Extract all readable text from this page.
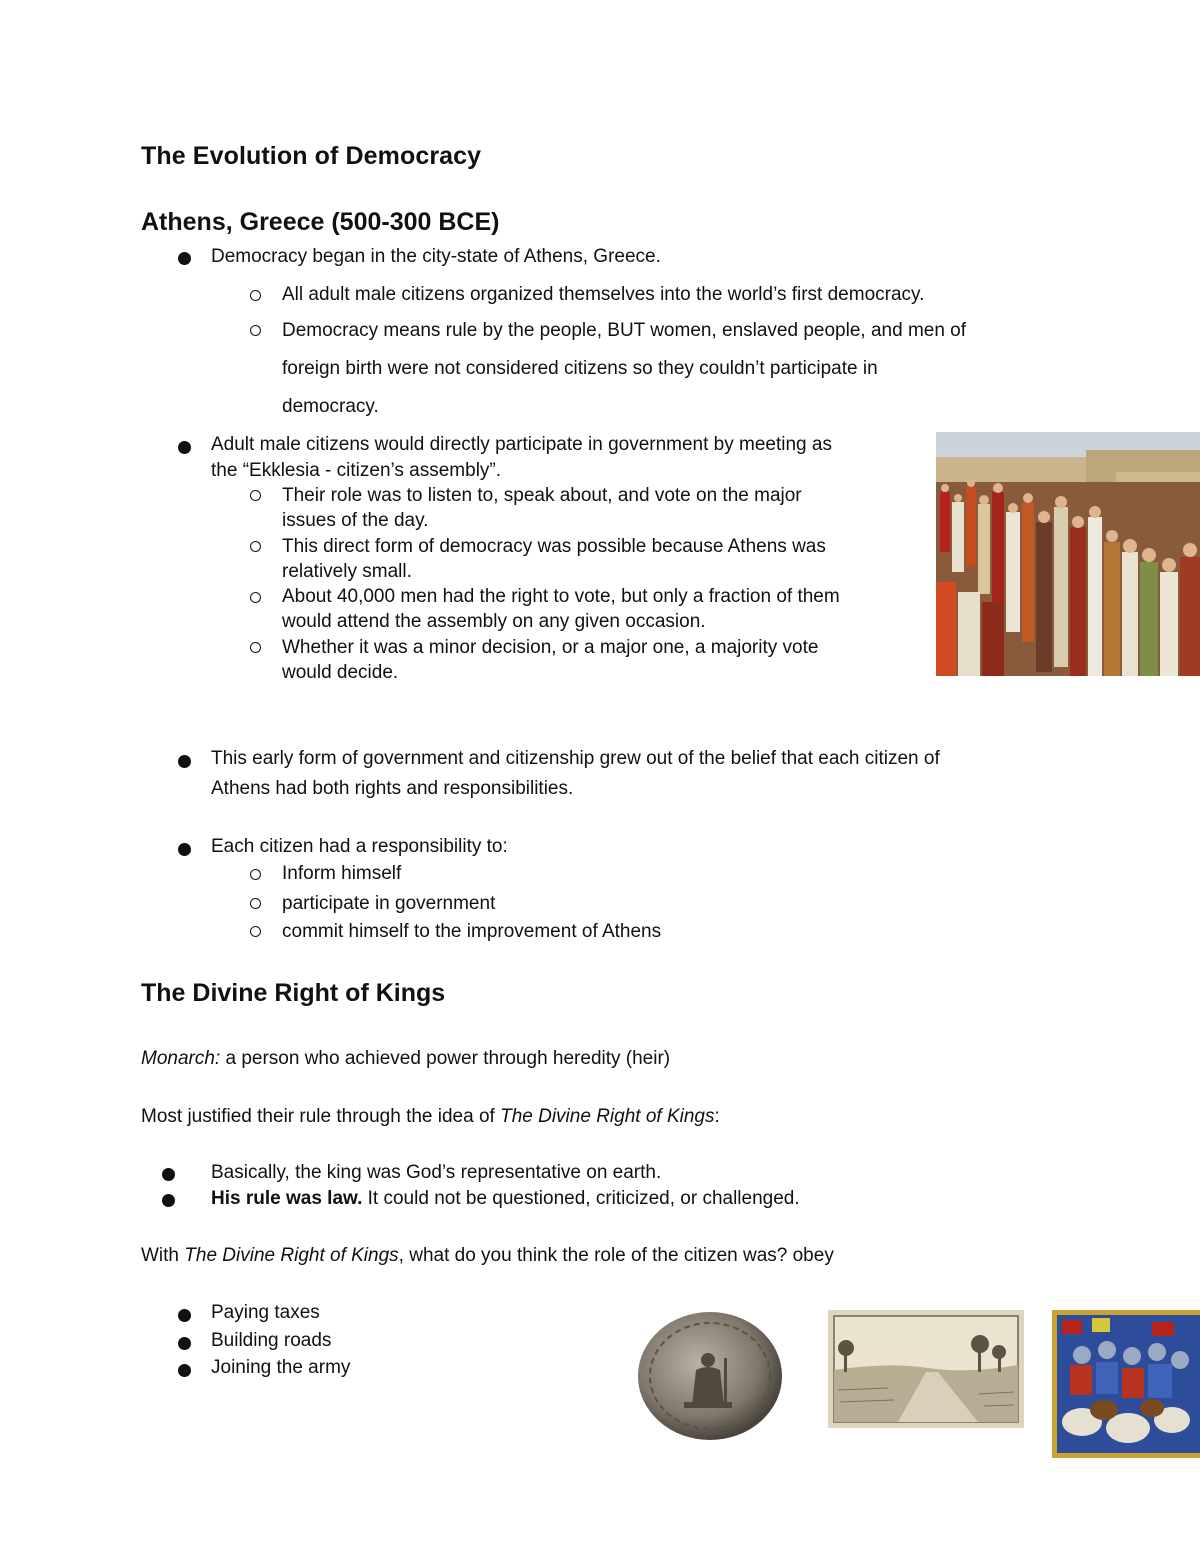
The Evolution of Democracy
Athens, Greece (500-300 BCE)
Democracy began in the city-state of Athens, Greece.
All adult male citizens organized themselves into the world’s first democracy.
Democracy means rule by the people, BUT women, enslaved people, and men of
foreign birth were not considered citizens so they couldn’t participate in
democracy.
Adult male citizens would directly participate in government by meeting as
the “Ekklesia - citizen’s assembly”.
Their role was to listen to, speak about, and vote on the major
issues of the day.
This direct form of democracy was possible because Athens was
relatively small.
About 40,000 men had the right to vote, but only a fraction of them
would attend the assembly on any given occasion.
Whether it was a minor decision, or a major one, a majority vote
would decide.
This early form of government and citizenship grew out of the belief that each citizen of
Athens had both rights and responsibilities.
Each citizen had a responsibility to:
Inform himself
participate in government
commit himself to the improvement of Athens
The Divine Right of Kings
Monarch: a person who achieved power through heredity (heir)
Most justified their rule through the idea of The Divine Right of Kings:
Basically, the king was God’s representative on earth.
His rule was law. It could not be questioned, criticized, or challenged.
With The Divine Right of Kings, what do you think the role of the citizen was? obey
Paying taxes
Building roads
Joining the army
